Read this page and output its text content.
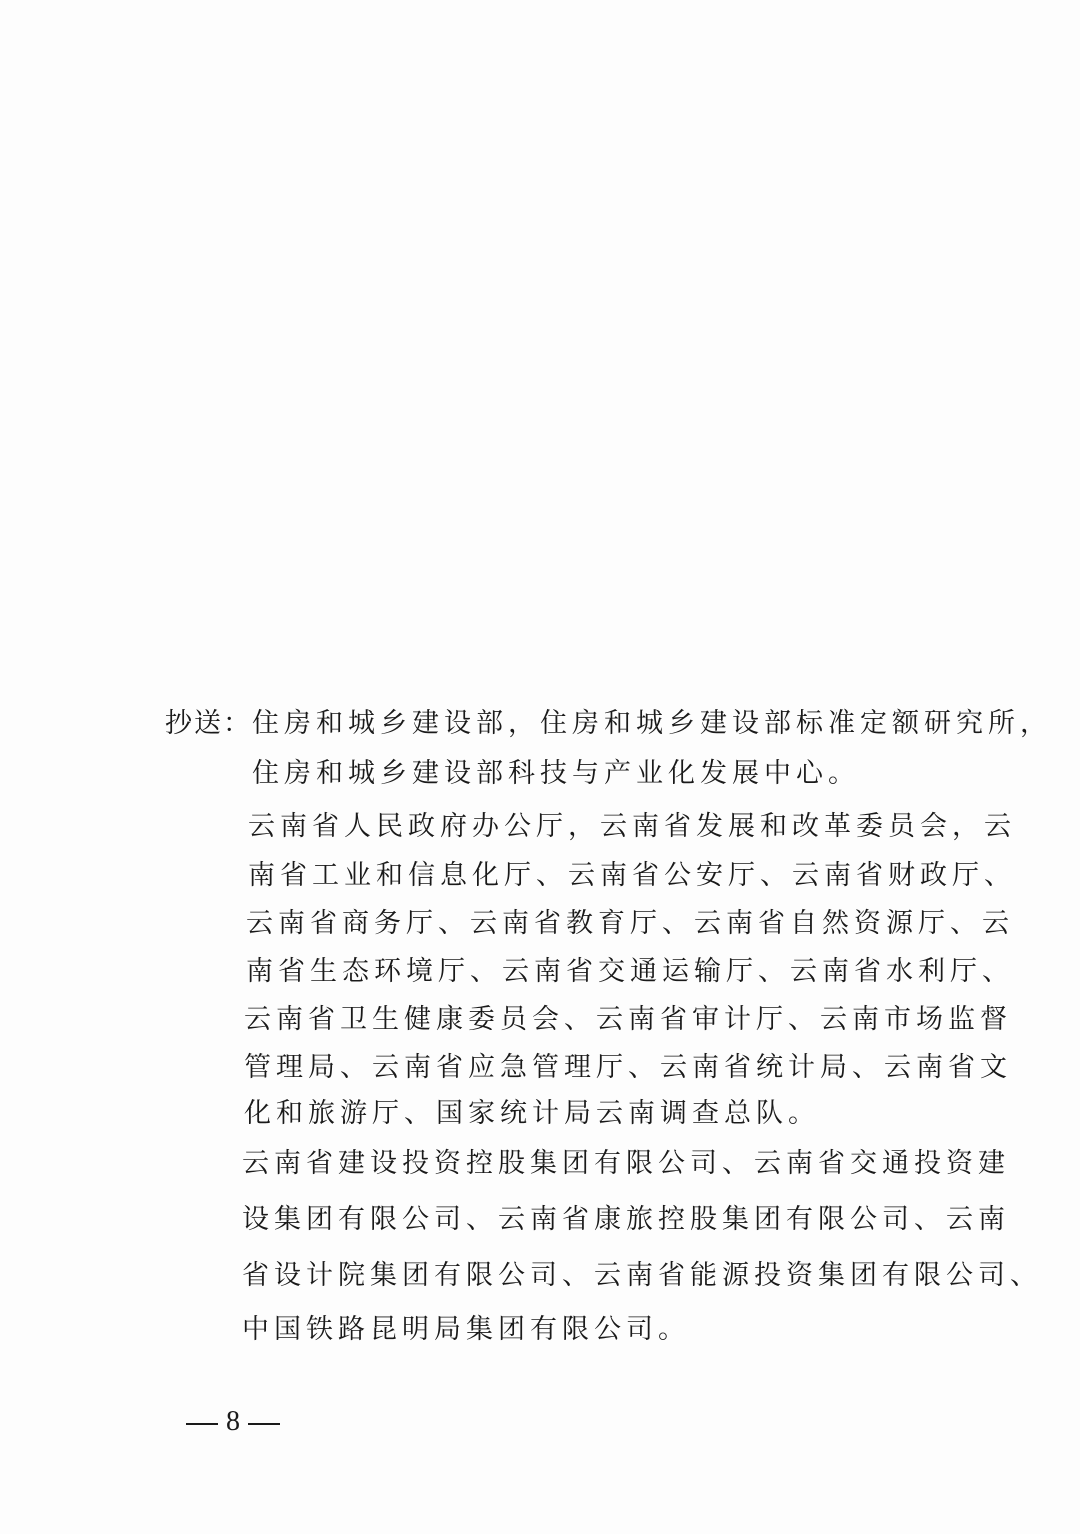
抄送： 住房和城乡建设部，住房和城乡建设部标准定额研究所，
住房和城乡建设部科技与产业化发展中心。
云南省人民政府办公厅，云南省发展和改革委员会，云
南省工业和信息化厅、云南省公安厅、云南省财政厅、
云南省商务厅、云南省教育厅、云南省自然资源厅、云
南省生态环境厅、云南省交通运输厅、云南省水利厅、
云南省卫生健康委员会、云南省审计厅、云南市场监督
管理局、云南省应急管理厅、云南省统计局、云南省文
化和旅游厅、国家统计局云南调查总队。
云南省建设投资控股集团有限公司、云南省交通投资建
设集团有限公司、云南省康旅控股集团有限公司、云南
省设计院集团有限公司、云南省能源投资集团有限公司、
中国铁路昆明局集团有限公司。
8
